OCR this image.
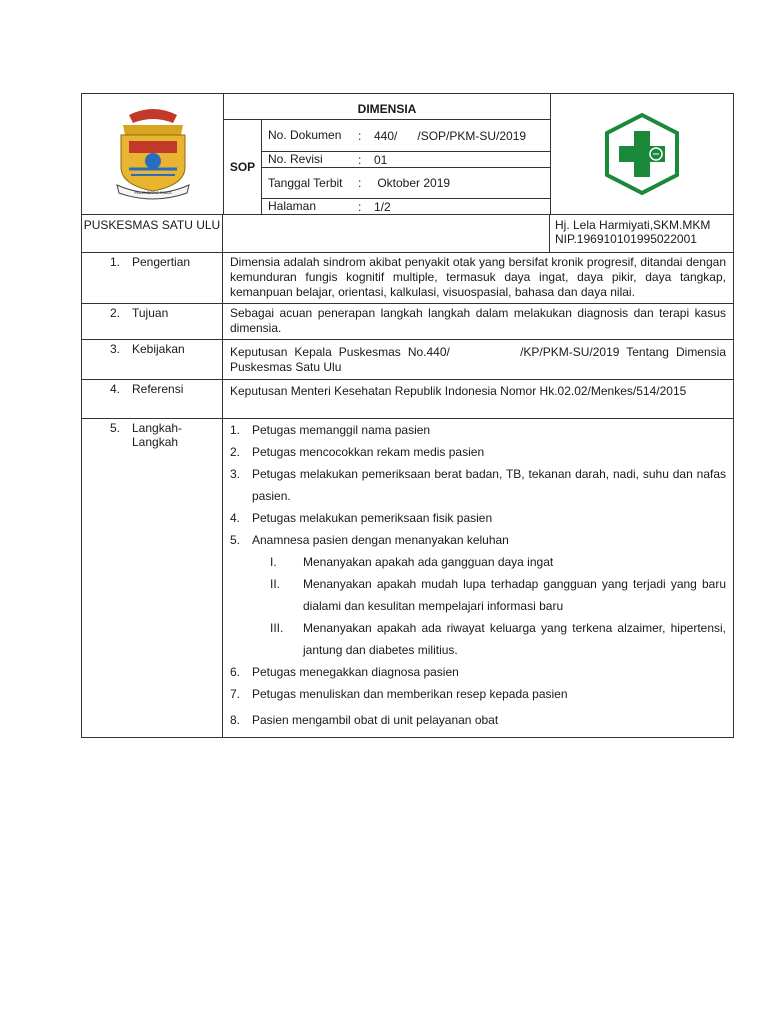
PALEMBANG EMAS
DIMENSIA
SOP
No. Dokumen	:	440/      /SOP/PKM-SU/2019
No. Revisi	:	01
Tanggal Terbit	:	Oktober 2019
Halaman	:	1/2
PUSKESMAS SATU ULU	Hj. Lela Harmiyati,SKM.MKM
NIP.196910101995022001
1. Pengertian	Dimensia adalah sindrom akibat penyakit otak yang bersifat kronik progresif, ditandai dengan kemunduran fungis kognitif multiple, termasuk daya ingat, daya pikir, daya tangkap, kemanpuan belajar, orientasi, kalkulasi, visuospasial, bahasa dan daya nilai.
2. Tujuan	Sebagai acuan penerapan langkah langkah dalam melakukan diagnosis dan terapi kasus dimensia.
3. Kebijakan	Keputusan Kepala Puskesmas No.440/          /KP/PKM-SU/2019 Tentang Dimensia Puskesmas Satu Ulu
4. Referensi	Keputusan Menteri Kesehatan Republik Indonesia Nomor Hk.02.02/Menkes/514/2015
5. Langkah-Langkah
1. Petugas memanggil nama pasien
2. Petugas mencocokkan rekam medis pasien
3. Petugas melakukan pemeriksaan berat badan, TB, tekanan darah, nadi, suhu dan nafas pasien.
4. Petugas melakukan pemeriksaan fisik pasien
5. Anamnesa pasien dengan menanyakan keluhan
I.	Menanyakan apakah ada gangguan daya ingat
II.	Menanyakan apakah mudah lupa terhadap gangguan yang terjadi yang baru dialami dan kesulitan mempelajari informasi baru
III.	Menanyakan apakah ada riwayat keluarga yang terkena alzaimer, hipertensi, jantung dan diabetes militius.
6. Petugas menegakkan diagnosa pasien
7. Petugas menuliskan dan memberikan resep kepada pasien
8. Pasien mengambil obat di unit pelayanan obat
